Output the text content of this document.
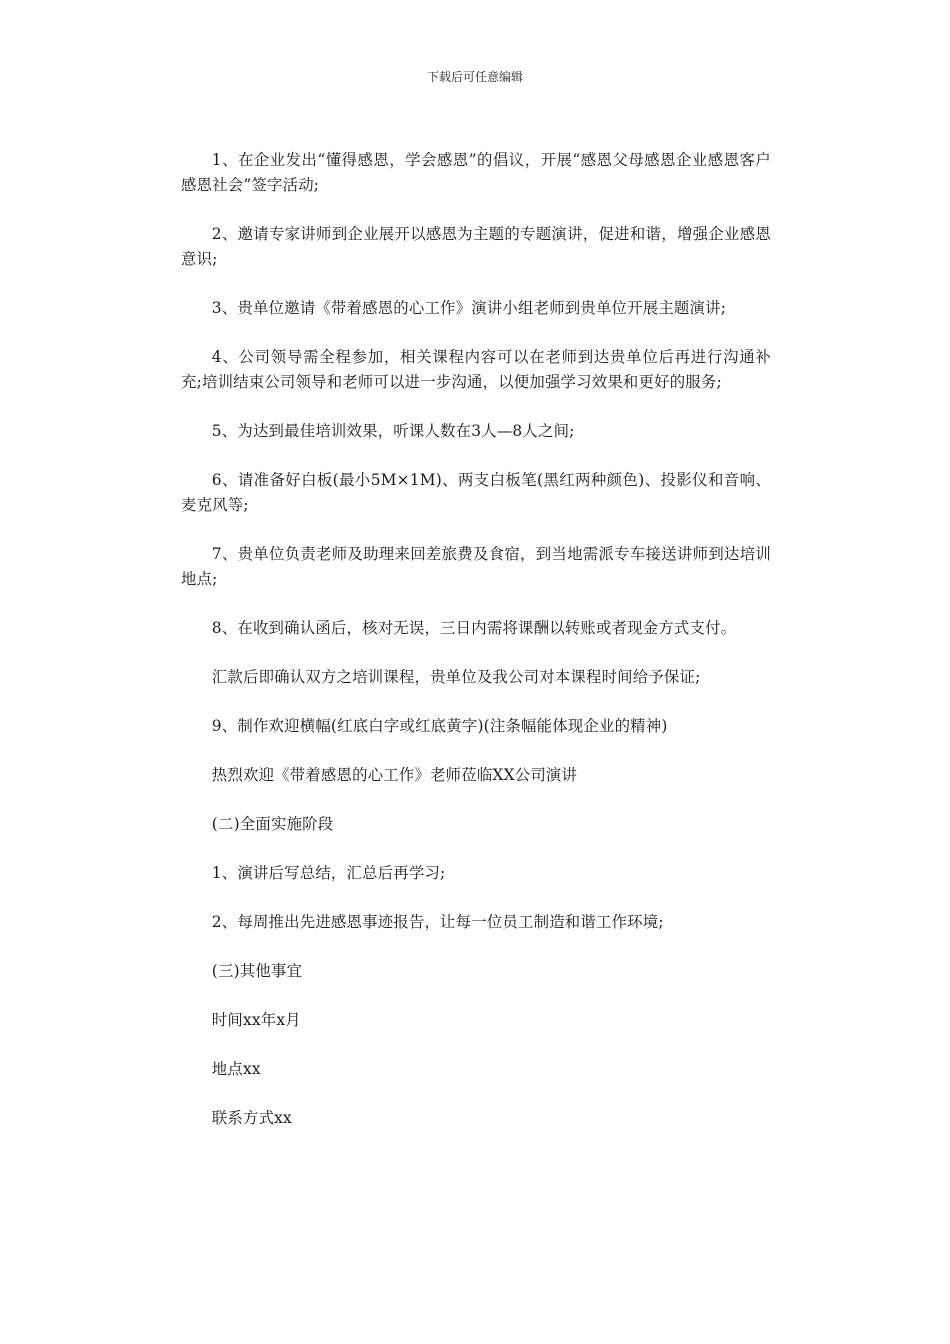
下载后可任意编辑

1、在企业发出“懂得感恩，学会感恩”的倡议，开展“感恩父母感恩企业感恩客户感恩社会”签字活动;

2、邀请专家讲师到企业展开以感恩为主题的专题演讲，促进和谐，增强企业感恩意识;

3、贵单位邀请《带着感恩的心工作》演讲小组老师到贵单位开展主题演讲;

4、公司领导需全程参加，相关课程内容可以在老师到达贵单位后再进行沟通补充;培训结束公司领导和老师可以进一步沟通，以便加强学习效果和更好的服务;

5、为达到最佳培训效果，听课人数在3人—8人之间;

6、请准备好白板(最小5M×1M)、两支白板笔(黑红两种颜色)、投影仪和音响、麦克风等;

7、贵单位负责老师及助理来回差旅费及食宿，到当地需派专车接送讲师到达培训地点;

8、在收到确认函后，核对无误，三日内需将课酬以转账或者现金方式支付。

汇款后即确认双方之培训课程，贵单位及我公司对本课程时间给予保证;

9、制作欢迎横幅(红底白字或红底黄字)(注条幅能体现企业的精神)

热烈欢迎《带着感恩的心工作》老师莅临XX公司演讲

(二)全面实施阶段

1、演讲后写总结，汇总后再学习;

2、每周推出先进感恩事迹报告，让每一位员工制造和谐工作环境;

(三)其他事宜

时间xx年x月

地点xx

联系方式xx
